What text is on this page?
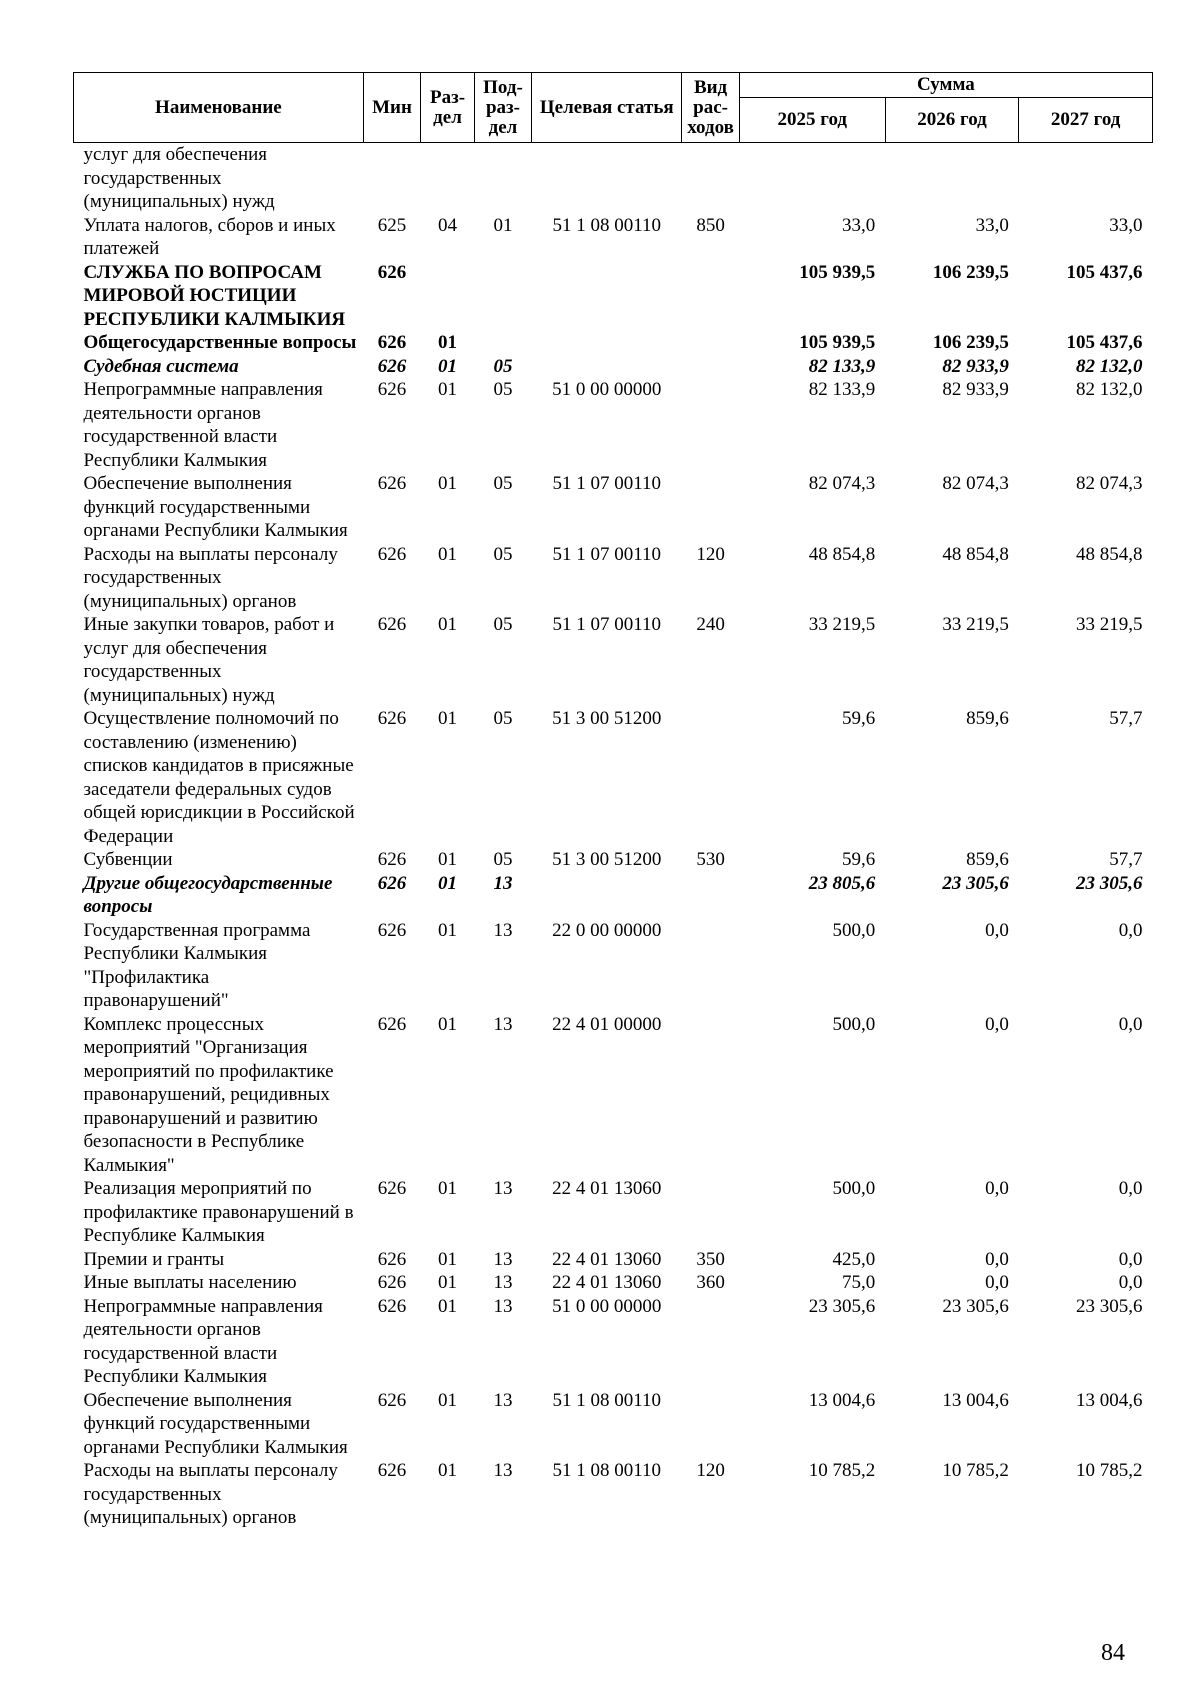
Наименование	Мин	Раз-дел	Под-раз-дел	Целевая статья	Вид рас-ходов	Сумма		
						2025 год	2026 год	2027 год
услуг для обеспечения государственных (муниципальных) нужд								
Уплата налогов, сборов и иных платежей	625	04	01	51 1 08 00110	850	33,0	33,0	33,0
СЛУЖБА ПО ВОПРОСАМ МИРОВОЙ ЮСТИЦИИ РЕСПУБЛИКИ КАЛМЫКИЯ	626					105 939,5	106 239,5	105 437,6
Общегосударственные вопросы	626	01				105 939,5	106 239,5	105 437,6
Судебная система	626	01	05			82 133,9	82 933,9	82 132,0
Непрограммные направления деятельности органов государственной власти Республики Калмыкия	626	01	05	51 0 00 00000		82 133,9	82 933,9	82 132,0
Обеспечение выполнения функций государственными органами Республики Калмыкия	626	01	05	51 1 07 00110		82 074,3	82 074,3	82 074,3
Расходы на выплаты персоналу государственных (муниципальных) органов	626	01	05	51 1 07 00110	120	48 854,8	48 854,8	48 854,8
Иные закупки товаров, работ и услуг для обеспечения государственных (муниципальных) нужд	626	01	05	51 1 07 00110	240	33 219,5	33 219,5	33 219,5
Осуществление полномочий по составлению (изменению) списков кандидатов в присяжные заседатели федеральных судов общей юрисдикции в Российской Федерации	626	01	05	51 3 00 51200		59,6	859,6	57,7
Субвенции	626	01	05	51 3 00 51200	530	59,6	859,6	57,7
Другие общегосударственные вопросы	626	01	13			23 805,6	23 305,6	23 305,6
Государственная программа Республики Калмыкия "Профилактика правонарушений"	626	01	13	22 0 00 00000		500,0	0,0	0,0
Комплекс процессных мероприятий "Организация мероприятий по профилактике правонарушений, рецидивных правонарушений и развитию безопасности в Республике Калмыкия"	626	01	13	22 4 01 00000		500,0	0,0	0,0
Реализация мероприятий по профилактике правонарушений в Республике Калмыкия	626	01	13	22 4 01 13060		500,0	0,0	0,0
Премии и гранты	626	01	13	22 4 01 13060	350	425,0	0,0	0,0
Иные выплаты населению	626	01	13	22 4 01 13060	360	75,0	0,0	0,0
Непрограммные направления деятельности органов государственной власти Республики Калмыкия	626	01	13	51 0 00 00000		23 305,6	23 305,6	23 305,6
Обеспечение выполнения функций государственными органами Республики Калмыкия	626	01	13	51 1 08 00110		13 004,6	13 004,6	13 004,6
Расходы на выплаты персоналу государственных (муниципальных) органов	626	01	13	51 1 08 00110	120	10 785,2	10 785,2	10 785,2
84
